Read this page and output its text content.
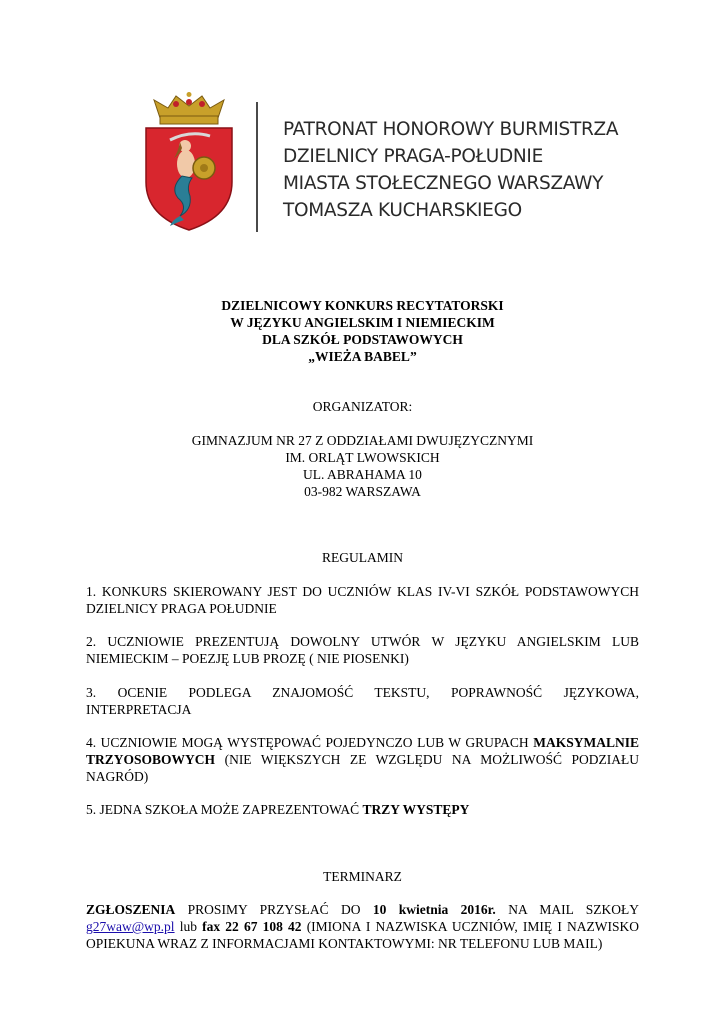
PATRONAT HONOROWY BURMISTRZA
DZIELNICY PRAGA-POŁUDNIE
MIASTA STOŁECZNEGO WARSZAWY
TOMASZA KUCHARSKIEGO
DZIELNICOWY KONKURS RECYTATORSKI
W JĘZYKU ANGIELSKIM I NIEMIECKIM
DLA SZKÓŁ PODSTAWOWYCH
„WIEŻA BABEL”
ORGANIZATOR:
GIMNAZJUM NR 27 Z ODDZIAŁAMI DWUJĘZYCZNYMI
IM. ORLĄT LWOWSKICH
UL. ABRAHAMA 10
03-982 WARSZAWA
REGULAMIN
1. KONKURS SKIEROWANY JEST DO UCZNIÓW KLAS IV-VI SZKÓŁ PODSTAWOWYCH DZIELNICY PRAGA POŁUDNIE
2. UCZNIOWIE PREZENTUJĄ DOWOLNY UTWÓR W JĘZYKU ANGIELSKIM LUB NIEMIECKIM – POEZJĘ LUB PROZĘ ( NIE PIOSENKI)
3. OCENIE PODLEGA ZNAJOMOŚĆ TEKSTU, POPRAWNOŚĆ JĘZYKOWA, INTERPRETACJA
4. UCZNIOWIE MOGĄ WYSTĘPOWAĆ POJEDYNCZO LUB W GRUPACH MAKSYMALNIE TRZYOSOBOWYCH (NIE WIĘKSZYCH ZE WZGLĘDU NA MOŻLIWOŚĆ PODZIAŁU NAGRÓD)
5. JEDNA SZKOŁA MOŻE ZAPREZENTOWAĆ TRZY WYSTĘPY
TERMINARZ
ZGŁOSZENIA PROSIMY PRZYSŁAĆ DO 10 kwietnia 2016r. NA MAIL SZKOŁY g27waw@wp.pl lub fax 22 67 108 42 (IMIONA I NAZWISKA UCZNIÓW, IMIĘ I NAZWISKO OPIEKUNA WRAZ Z INFORMACJAMI KONTAKTOWYMI: NR TELEFONU LUB MAIL)
